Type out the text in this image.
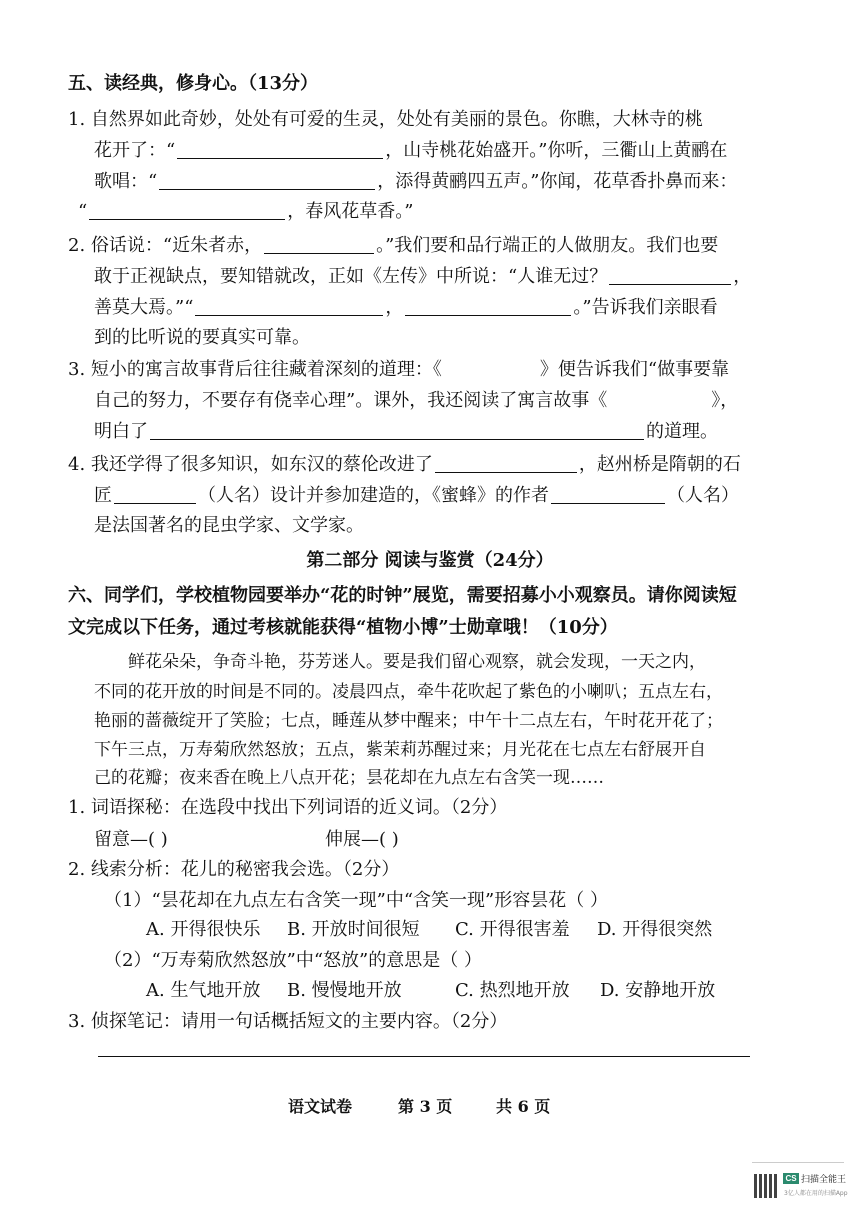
五、读经典，修身心。（13分）
1. 自然界如此奇妙，处处有可爱的生灵，处处有美丽的景色。你瞧，大林寺的桃
花开了：“	，山寺桃花始盛开。”你听，三衢山上黄鹂在
歌唱：“	，添得黄鹂四五声。”你闻，花草香扑鼻而来：
“	，春风花草香。”
2. 俗话说：“近朱者赤，	。”我们要和品行端正的人做朋友。我们也要
敢于正视缺点，要知错就改，正如《左传》中所说：“人谁无过？	，
善莫大焉。”“	，	。”告诉我们亲眼看
到的比听说的要真实可靠。
3. 短小的寓言故事背后往往藏着深刻的道理：《	》便告诉我们“做事要靠
自己的努力，不要存有侥幸心理”。课外，我还阅读了寓言故事《	》，
明白了	的道理。
4. 我还学得了很多知识，如东汉的蔡伦改进了	，赵州桥是隋朝的石
匠	（人名）设计并参加建造的，《蜜蜂》的作者	（人名）
是法国著名的昆虫学家、文学家。
第二部分 阅读与鉴赏（24分）
六、同学们，学校植物园要举办“花的时钟”展览，需要招募小小观察员。请你阅读短
文完成以下任务，通过考核就能获得“植物小博”士勋章哦！（10分）
鲜花朵朵，争奇斗艳，芬芳迷人。要是我们留心观察，就会发现，一天之内，
不同的花开放的时间是不同的。凌晨四点，牵牛花吹起了紫色的小喇叭；五点左右，
艳丽的蔷薇绽开了笑脸；七点，睡莲从梦中醒来；中午十二点左右，午时花开花了；
下午三点，万寿菊欣然怒放；五点，紫茉莉苏醒过来；月光花在七点左右舒展开自
己的花瓣；夜来香在晚上八点开花；昙花却在九点左右含笑一现……
1. 词语探秘：在选段中找出下列词语的近义词。（2分）
留意—( )	伸展—( )
2. 线索分析：花儿的秘密我会选。（2分）
（1）“昙花却在九点左右含笑一现”中“含笑一现”形容昙花（ ）
A. 开得很快乐 B. 开放时间很短 C. 开得很害羞 D. 开得很突然
（2）“万寿菊欣然怒放”中“怒放”的意思是（ ）
A. 生气地开放 B. 慢慢地开放	C. 热烈地开放 D. 安静地开放
3. 侦探笔记：请用一句话概括短文的主要内容。（2分）
语文试卷	第 3 页	共 6 页
CS 扫描全能王
3亿人都在用的扫描App
